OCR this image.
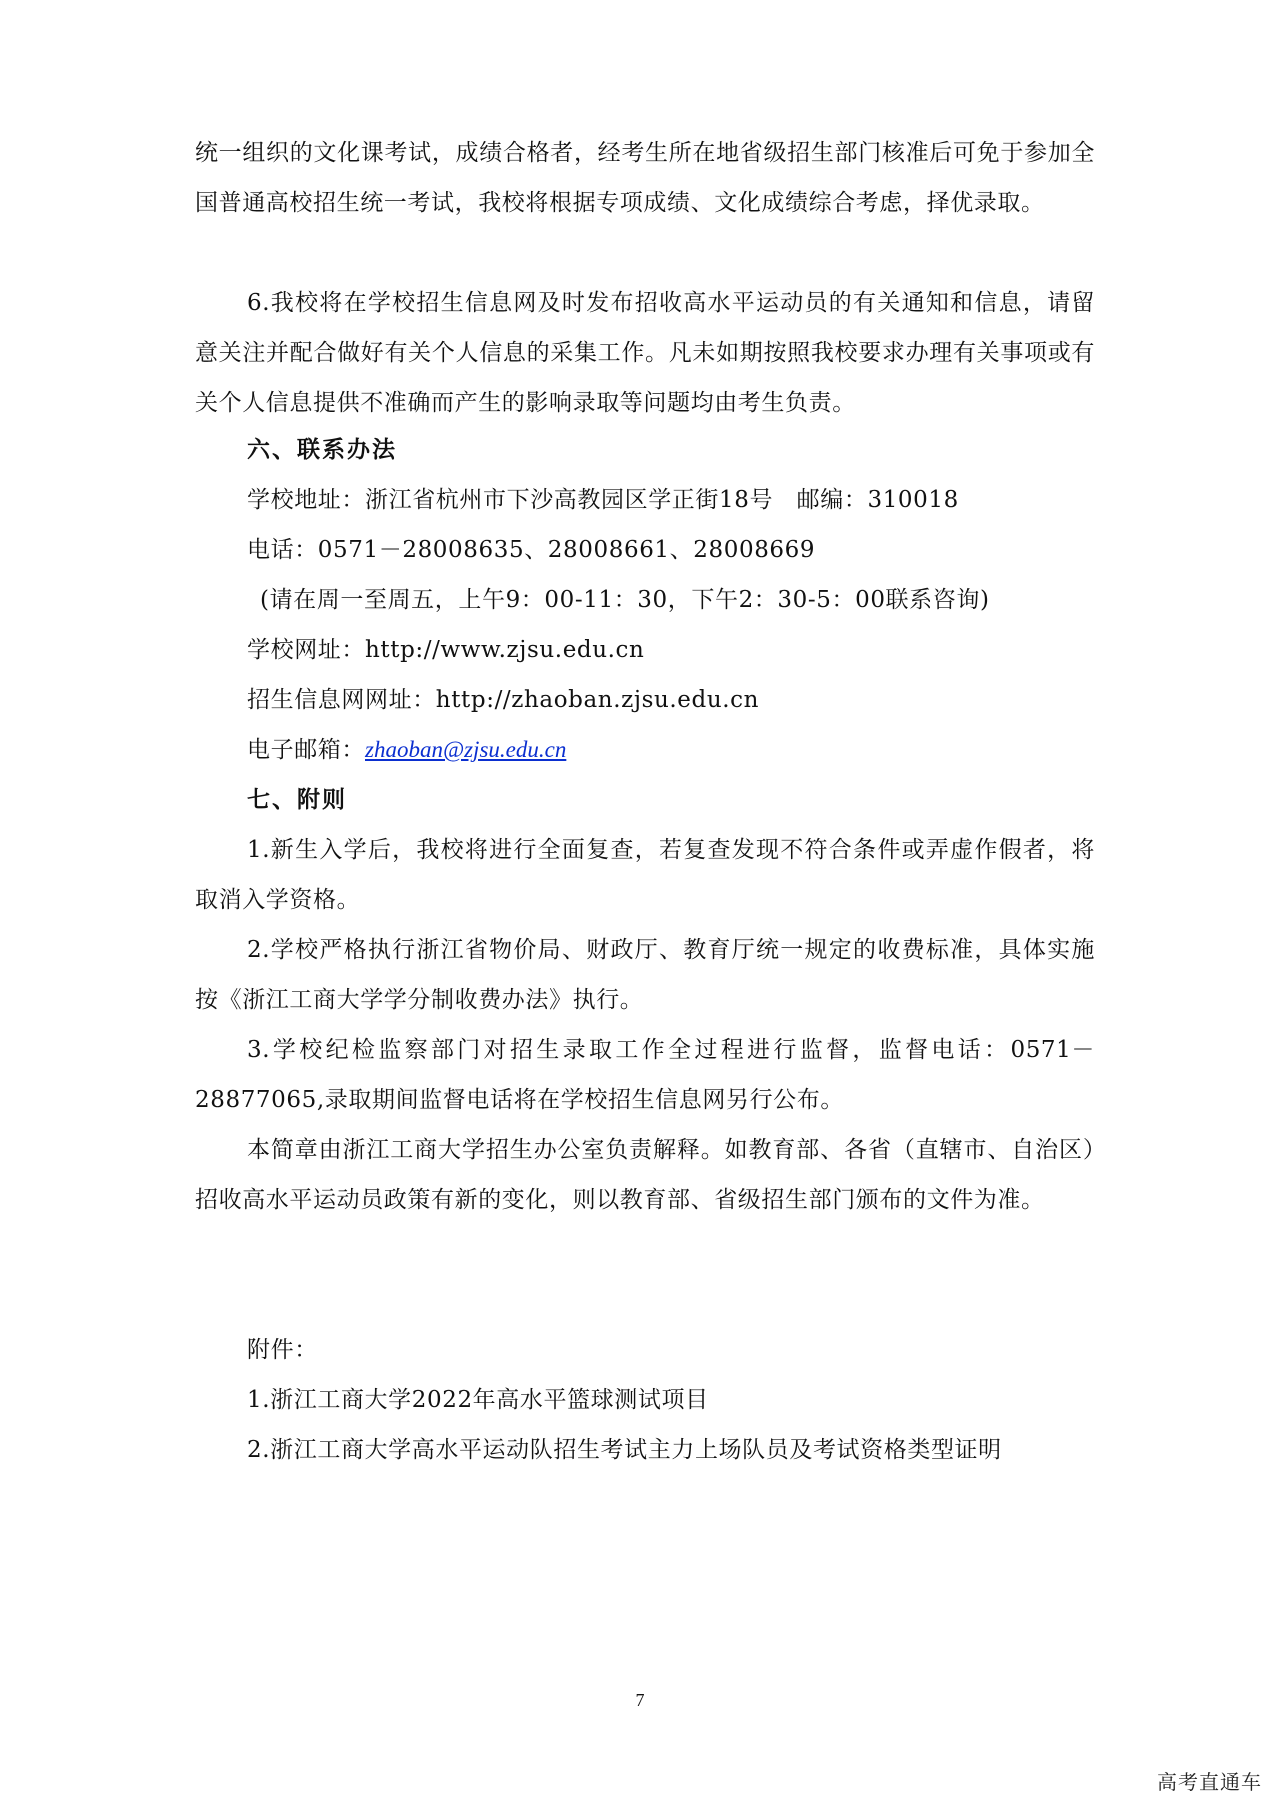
统一组织的文化课考试，成绩合格者，经考生所在地省级招生部门核准后可免于参加全国普通高校招生统一考试，我校将根据专项成绩、文化成绩综合考虑，择优录取。
6.我校将在学校招生信息网及时发布招收高水平运动员的有关通知和信息，请留意关注并配合做好有关个人信息的采集工作。凡未如期按照我校要求办理有关事项或有关个人信息提供不准确而产生的影响录取等问题均由考生负责。
六、联系办法
学校地址：浙江省杭州市下沙高教园区学正街18号　邮编：310018
电话：0571－28008635、28008661、28008669
(请在周一至周五，上午9：00-11：30，下午2：30-5：00联系咨询)
学校网址：http://www.zjsu.edu.cn
招生信息网网址：http://zhaoban.zjsu.edu.cn
电子邮箱：zhaoban@zjsu.edu.cn
七、附则
1.新生入学后，我校将进行全面复查，若复查发现不符合条件或弄虚作假者，将取消入学资格。
2.学校严格执行浙江省物价局、财政厅、教育厅统一规定的收费标准，具体实施按《浙江工商大学学分制收费办法》执行。
3.学校纪检监察部门对招生录取工作全过程进行监督，监督电话：0571－28877065,录取期间监督电话将在学校招生信息网另行公布。
本简章由浙江工商大学招生办公室负责解释。如教育部、各省（直辖市、自治区）招收高水平运动员政策有新的变化，则以教育部、省级招生部门颁布的文件为准。
附件：
1.浙江工商大学2022年高水平篮球测试项目
2.浙江工商大学高水平运动队招生考试主力上场队员及考试资格类型证明
7
高考直通车
